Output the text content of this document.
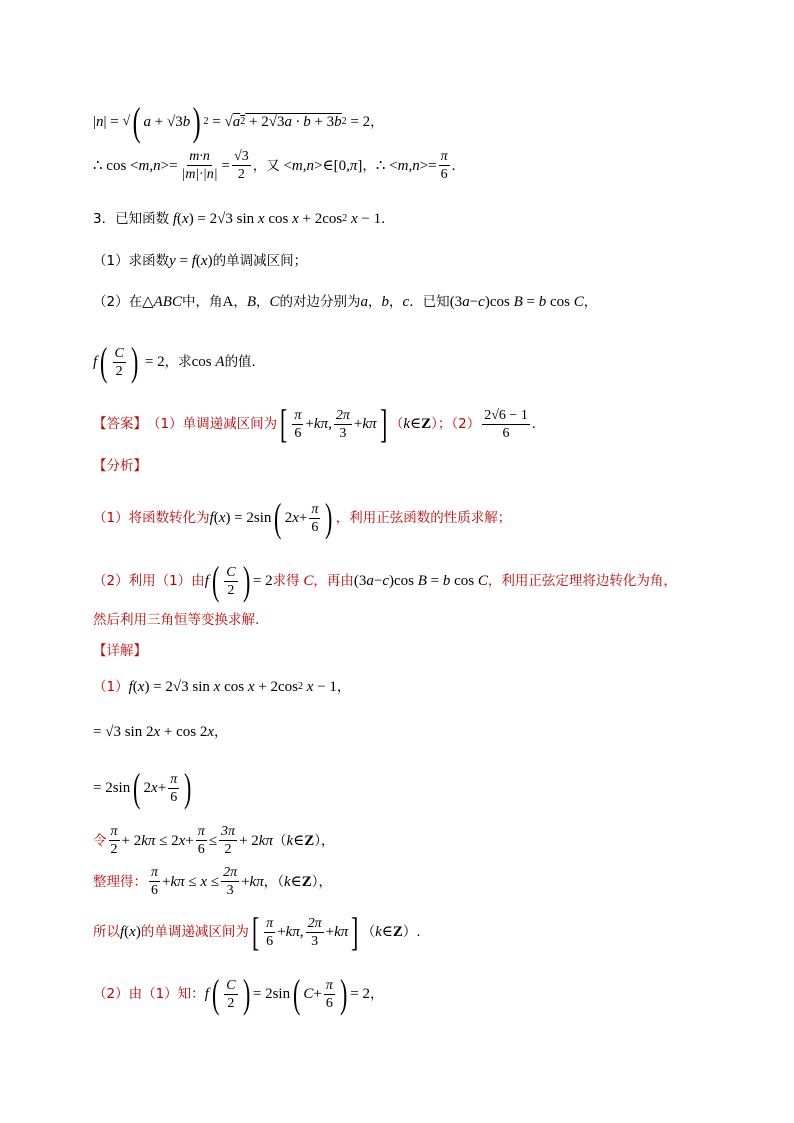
| n | = √ ( a + √3 b ) 2 = √ a 2 + 2√3 a · b + 3 $\overline{b}$ 2 = 2 ，
∴ cos < m , $n >= \frac{m\cdot n}{|m|\cdot|n|} = \frac{√3}{2}$ ，又 < m , n >∈[0, π ] ， ∴ < m , $n >= \frac{\pi}{6}$ .
3．已知函数 f ( x ) = 2√3 sin x cos x + 2cos 2 x − 1 ．
（1）求函数 y = f ( x ) 的单调减区间；
（2）在 △ ABC 中，角 A ， B ， C 的对边分别为 a ， b ， c ．已知 (3 a − c )cos B = b cos C ，
f ( $\frac{C}{2}$ ) = 2 ，求 cos A 的值．
【答案】 （1）单调递减区间为 [ $\frac{\pi}{6} + k\pi$ , $\frac{2\pi}{3} + k\pi$ ] （ k ∈ Z ）；$(2) \frac{2√6 - 1}{6}$ .
【分析】
（1）将函数转化为 f ( x ) = 2sin ( 2 $x + \frac{\pi}{6}$ ) ，利用正弦函数的性质求解；
（2）利用（1）由 f ( $\frac{C}{2}$ ) = 2 求得 C ，再由 (3 a − c )cos B = b cos C ，利用正弦定理将边转化为角，
然后利用三角恒等变换求解.
【详解】
（1） f ( x ) = 2√3 sin x cos x + 2cos 2 x − 1 ，
= √3 sin 2 x + cos 2 x ，
= 2sin ( 2 $x + \frac{\pi}{6}$ )
令 $\frac{\pi}{2} + 2$ kπ ≤ 2 $x + \frac{\pi}{6} \le \frac{3\pi}{2} + 2$ kπ （ k ∈ Z ），
整理得： $\frac{\pi}{6} + k\pi \le x \le \frac{2\pi}{3} + k\pi$ ，（ k ∈ Z ），
所以 f ( x ) 的单调递减区间为 [ $\frac{\pi}{6} + k\pi$ , $\frac{2\pi}{3} + k\pi$ ] （ k ∈ Z ）.
（2）由（1）知： f ( $\frac{C}{2}$ ) = 2sin ( $C + \frac{\pi}{6}$ ) = 2 ，
